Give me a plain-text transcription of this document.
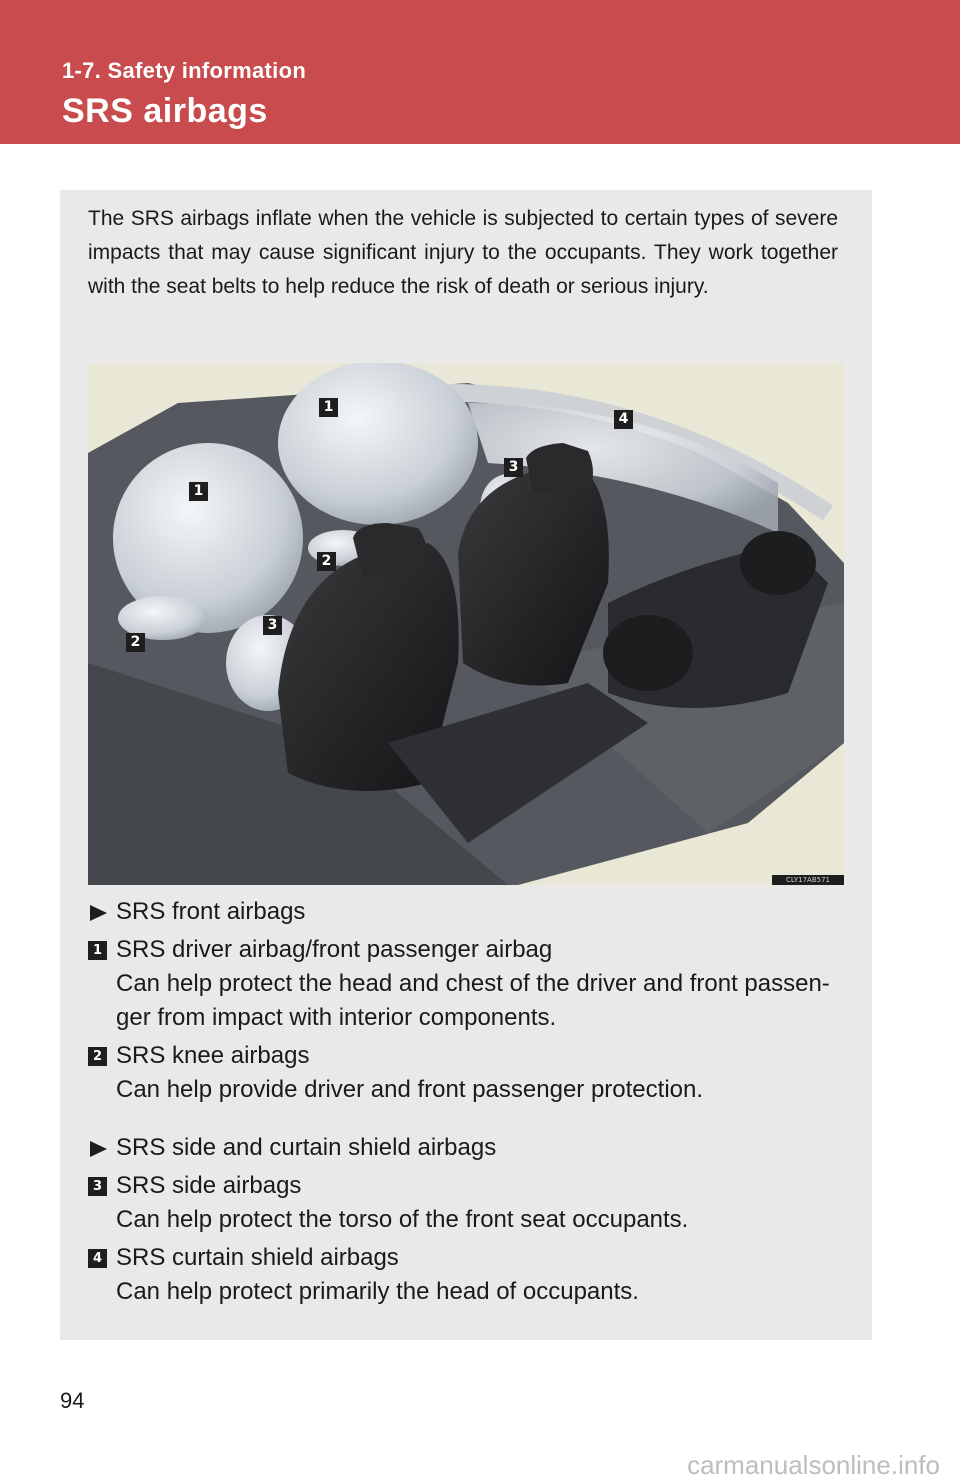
1-7. Safety information
SRS airbags
The SRS airbags inflate when the vehicle is subjected to certain types of severe impacts that may cause significant injury to the occupants. They work together with the seat belts to help reduce the risk of death or serious injury.
1
1
2
2
3
3
4
CLY17AB571
SRS front airbags
1 SRS driver airbag/front passenger airbag
Can help protect the head and chest of the driver and front passen-
ger from impact with interior components.
2 SRS knee airbags
Can help provide driver and front passenger protection.
SRS side and curtain shield airbags
3 SRS side airbags
Can help protect the torso of the front seat occupants.
4 SRS curtain shield airbags
Can help protect primarily the head of occupants.
94
carmanualsonline.info
